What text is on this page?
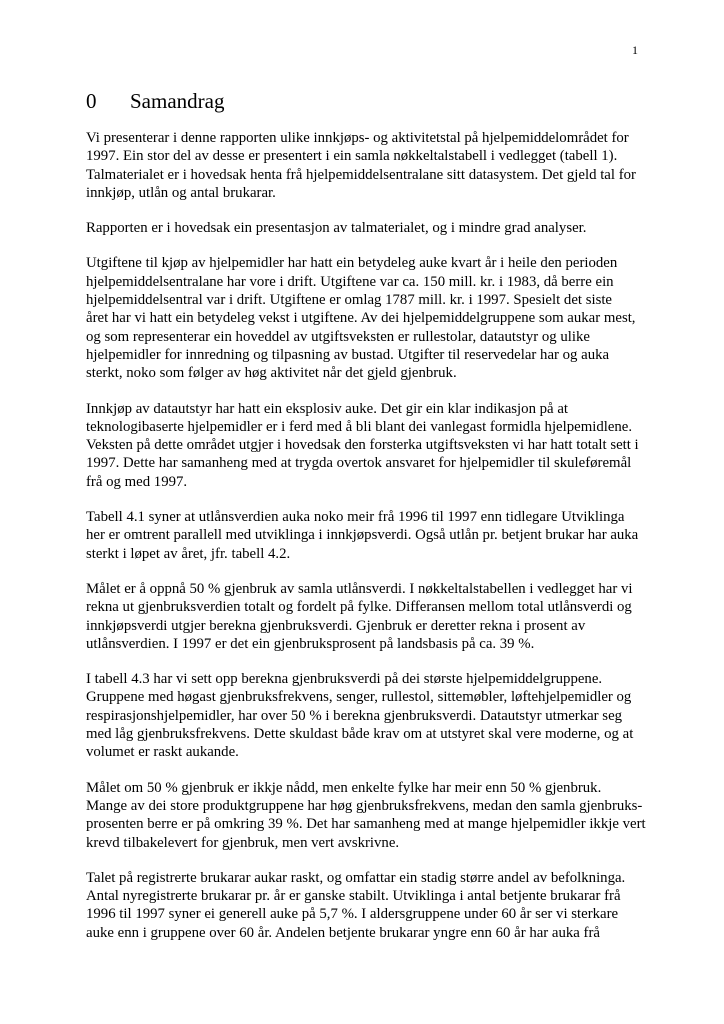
1
0 Samandrag

Vi presenterar i denne rapporten ulike innkjøps- og aktivitetstal på hjelpemiddelområdet for
1997. Ein stor del av desse er presentert i ein samla nøkkeltalstabell i vedlegget (tabell 1).
Talmaterialet er i hovedsak henta frå hjelpemiddelsentralane sitt datasystem. Det gjeld tal for
innkjøp, utlån og antal brukarar.

Rapporten er i hovedsak ein presentasjon av talmaterialet, og i mindre grad analyser.

Utgiftene til kjøp av hjelpemidler har hatt ein betydeleg auke kvart år i heile den perioden
hjelpemiddelsentralane har vore i drift. Utgiftene var ca. 150 mill. kr. i 1983, då berre ein
hjelpemiddelsentral var i drift. Utgiftene er omlag 1787 mill. kr. i 1997. Spesielt det siste
året har vi hatt ein betydeleg vekst i utgiftene. Av dei hjelpemiddelgruppene som aukar mest,
og som representerar ein hoveddel av utgiftsveksten er rullestolar, datautstyr og ulike
hjelpemidler for innredning og tilpasning av bustad. Utgifter til reservedelar har og auka
sterkt, noko som følger av høg aktivitet når det gjeld gjenbruk.

Innkjøp av datautstyr har hatt ein eksplosiv auke. Det gir ein klar indikasjon på at
teknologibaserte hjelpemidler er i ferd med å bli blant dei vanlegast formidla hjelpemidlene.
Veksten på dette området utgjer i hovedsak den forsterka utgiftsveksten vi har hatt totalt sett i
1997. Dette har samanheng med at trygda overtok ansvaret for hjelpemidler til skuleføremål
frå og med 1997.

Tabell 4.1 syner at utlånsverdien auka noko meir frå 1996 til 1997 enn tidlegare Utviklinga
her er omtrent parallell med utviklinga i innkjøpsverdi. Også utlån pr. betjent brukar har auka
sterkt i løpet av året, jfr. tabell 4.2.

Målet er å oppnå 50 % gjenbruk av samla utlånsverdi. I nøkkeltalstabellen i vedlegget har vi
rekna ut gjenbruksverdien totalt og fordelt på fylke. Differansen mellom total utlånsverdi og
innkjøpsverdi utgjer berekna gjenbruksverdi. Gjenbruk er deretter rekna i prosent av
utlånsverdien. I 1997 er det ein gjenbruksprosent på landsbasis på ca. 39 %.

I tabell 4.3 har vi sett opp berekna gjenbruksverdi på dei største hjelpemiddelgruppene.
Gruppene med høgast gjenbruksfrekvens, senger, rullestol, sittemøbler, løftehjelpemidler og
respirasjonshjelpemidler, har over 50 % i berekna gjenbruksverdi. Datautstyr utmerkar seg
med låg gjenbruksfrekvens. Dette skuldast både krav om at utstyret skal vere moderne, og at
volumet er raskt aukande.

Målet om 50 % gjenbruk er ikkje nådd, men enkelte fylke har meir enn 50 % gjenbruk.
Mange av dei store produktgruppene har høg gjenbruksfrekvens, medan den samla gjenbruks-
prosenten berre er på omkring 39 %. Det har samanheng med at mange hjelpemidler ikkje vert
krevd tilbakelevert for gjenbruk, men vert avskrivne.

Talet på registrerte brukarar aukar raskt, og omfattar ein stadig større andel av befolkninga.
Antal nyregistrerte brukarar pr. år er ganske stabilt. Utviklinga i antal betjente brukarar frå
1996 til 1997 syner ei generell auke på 5,7 %. I aldersgruppene under 60 år ser vi sterkare
auke enn i gruppene over 60 år. Andelen betjente brukarar yngre enn 60 år har auka frå
